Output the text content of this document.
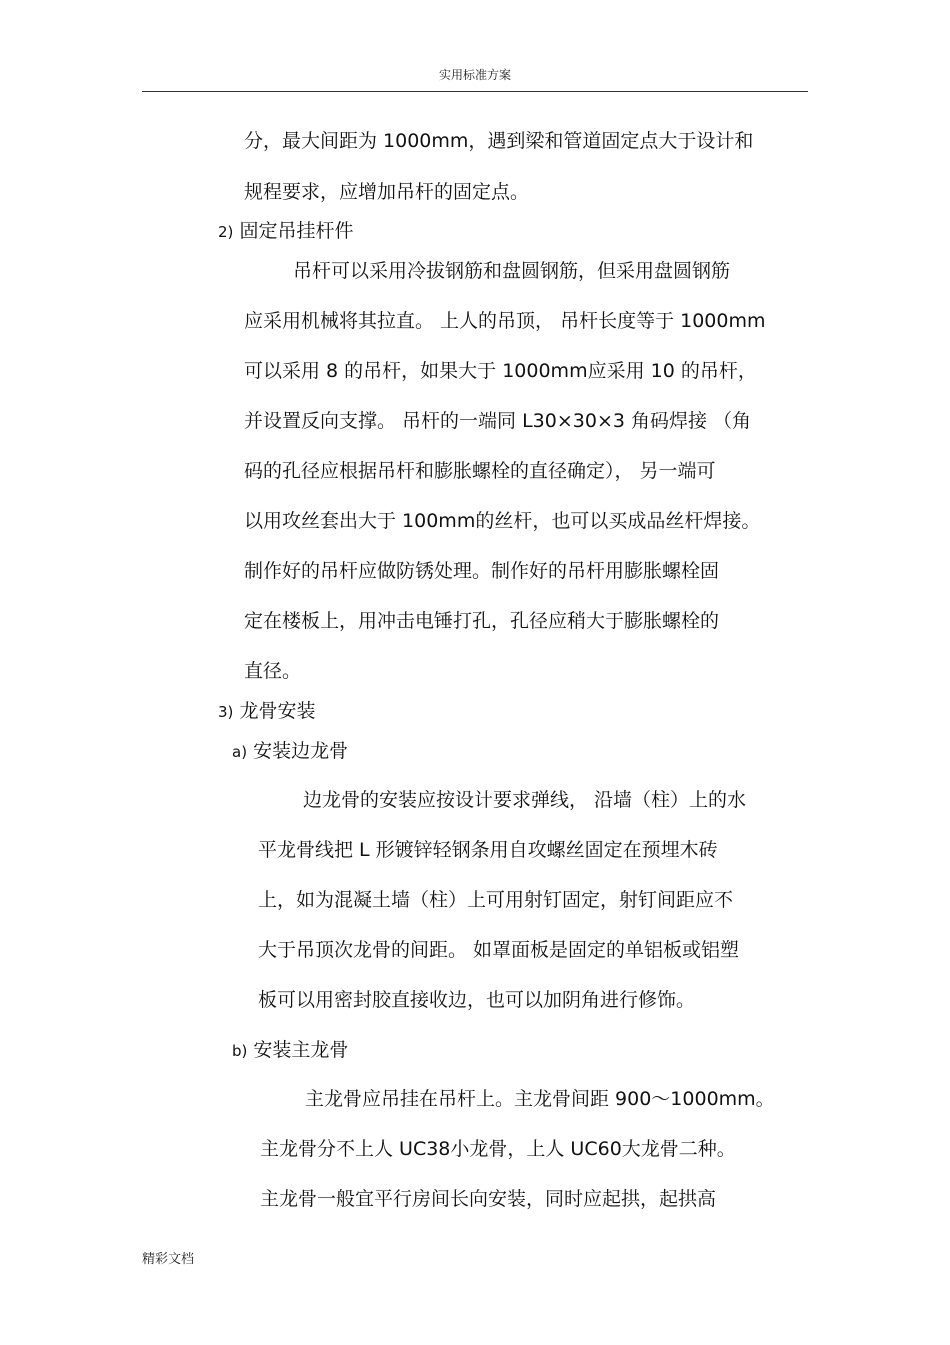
实用标准方案
分，最大间距为 1000mm，遇到梁和管道固定点大于设计和
规程要求，应增加吊杆的固定点。
2) 固定吊挂杆件
吊杆可以采用冷拔钢筋和盘圆钢筋，但采用盘圆钢筋
应采用机械将其拉直。 上人的吊顶， 吊杆长度等于 1000mm
可以采用 8 的吊杆，如果大于 1000mm应采用 10 的吊杆，
并设置反向支撑。 吊杆的一端同 L30×30×3 角码焊接 （角
码的孔径应根据吊杆和膨胀螺栓的直径确定）， 另一端可
以用攻丝套出大于 100mm的丝杆，也可以买成品丝杆焊接。
制作好的吊杆应做防锈处理。制作好的吊杆用膨胀螺栓固
定在楼板上，用冲击电锤打孔，孔径应稍大于膨胀螺栓的
直径。
3) 龙骨安装
a) 安装边龙骨
边龙骨的安装应按设计要求弹线， 沿墙（柱）上的水
平龙骨线把 L 形镀锌轻钢条用自攻螺丝固定在预埋木砖
上，如为混凝土墙（柱）上可用射钉固定，射钉间距应不
大于吊顶次龙骨的间距。 如罩面板是固定的单铝板或铝塑
板可以用密封胶直接收边，也可以加阴角进行修饰。
b) 安装主龙骨
主龙骨应吊挂在吊杆上。主龙骨间距 900～1000mm。
主龙骨分不上人 UC38小龙骨，上人 UC60大龙骨二种。
主龙骨一般宜平行房间长向安装，同时应起拱，起拱高
精彩文档
